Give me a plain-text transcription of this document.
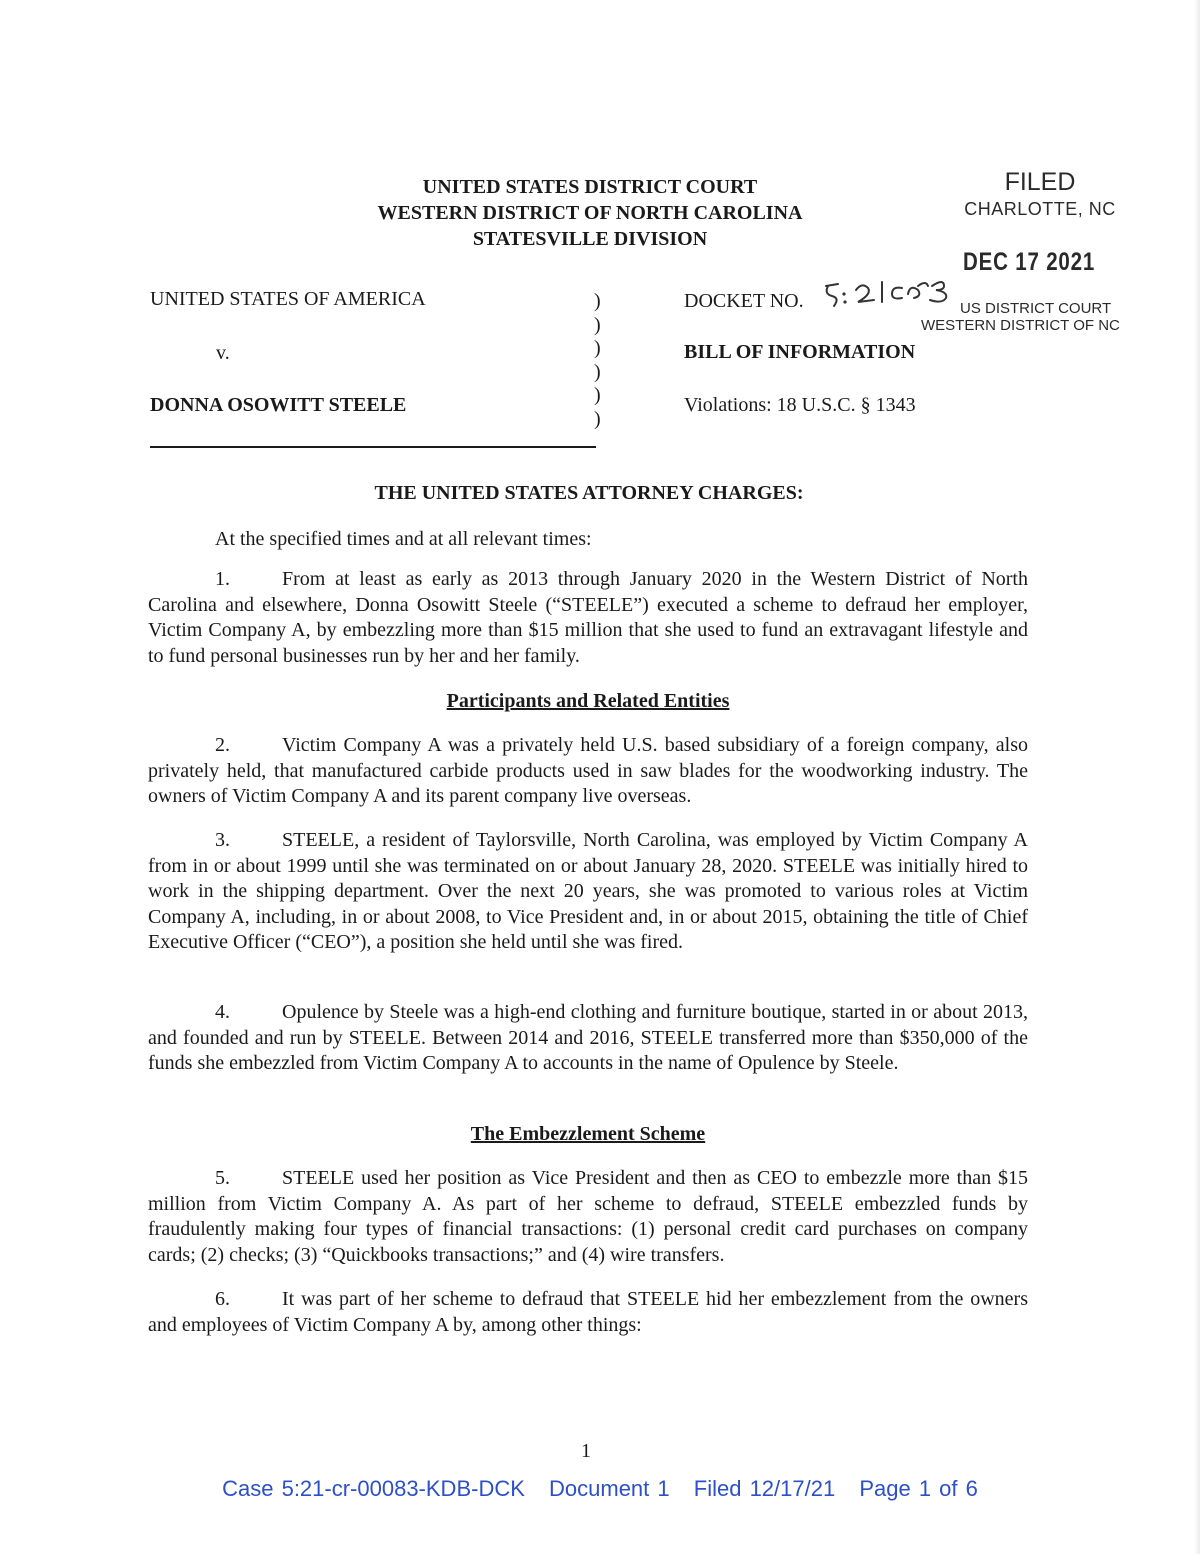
UNITED STATES DISTRICT COURT
WESTERN DISTRICT OF NORTH CAROLINA
STATESVILLE DIVISION
FILED
CHARLOTTE, NC
DEC 17 2021
US DISTRICT COURT
WESTERN DISTRICT OF NC
UNITED STATES OF AMERICA
v.
DONNA OSOWITT STEELE
)
)
)
)
)
)
DOCKET NO.
BILL OF INFORMATION
Violations: 18 U.S.C. § 1343
THE UNITED STATES ATTORNEY CHARGES:
At the specified times and at all relevant times:
1.	From at least as early as 2013 through January 2020 in the Western District of North Carolina and elsewhere, Donna Osowitt Steele (“STEELE”) executed a scheme to defraud her employer, Victim Company A, by embezzling more than $15 million that she used to fund an extravagant lifestyle and to fund personal businesses run by her and her family.
Participants and Related Entities
2.	Victim Company A was a privately held U.S. based subsidiary of a foreign company, also privately held, that manufactured carbide products used in saw blades for the woodworking industry. The owners of Victim Company A and its parent company live overseas.
3.	STEELE, a resident of Taylorsville, North Carolina, was employed by Victim Company A from in or about 1999 until she was terminated on or about January 28, 2020. STEELE was initially hired to work in the shipping department. Over the next 20 years, she was promoted to various roles at Victim Company A, including, in or about 2008, to Vice President and, in or about 2015, obtaining the title of Chief Executive Officer (“CEO”), a position she held until she was fired.
4.	Opulence by Steele was a high-end clothing and furniture boutique, started in or about 2013, and founded and run by STEELE. Between 2014 and 2016, STEELE transferred more than $350,000 of the funds she embezzled from Victim Company A to accounts in the name of Opulence by Steele.
The Embezzlement Scheme
5.	STEELE used her position as Vice President and then as CEO to embezzle more than $15 million from Victim Company A. As part of her scheme to defraud, STEELE embezzled funds by fraudulently making four types of financial transactions: (1) personal credit card purchases on company cards; (2) checks; (3) “Quickbooks transactions;” and (4) wire transfers.
6.	It was part of her scheme to defraud that STEELE hid her embezzlement from the owners and employees of Victim Company A by, among other things:
1
Case 5:21-cr-00083-KDB-DCK Document 1 Filed 12/17/21 Page 1 of 6
